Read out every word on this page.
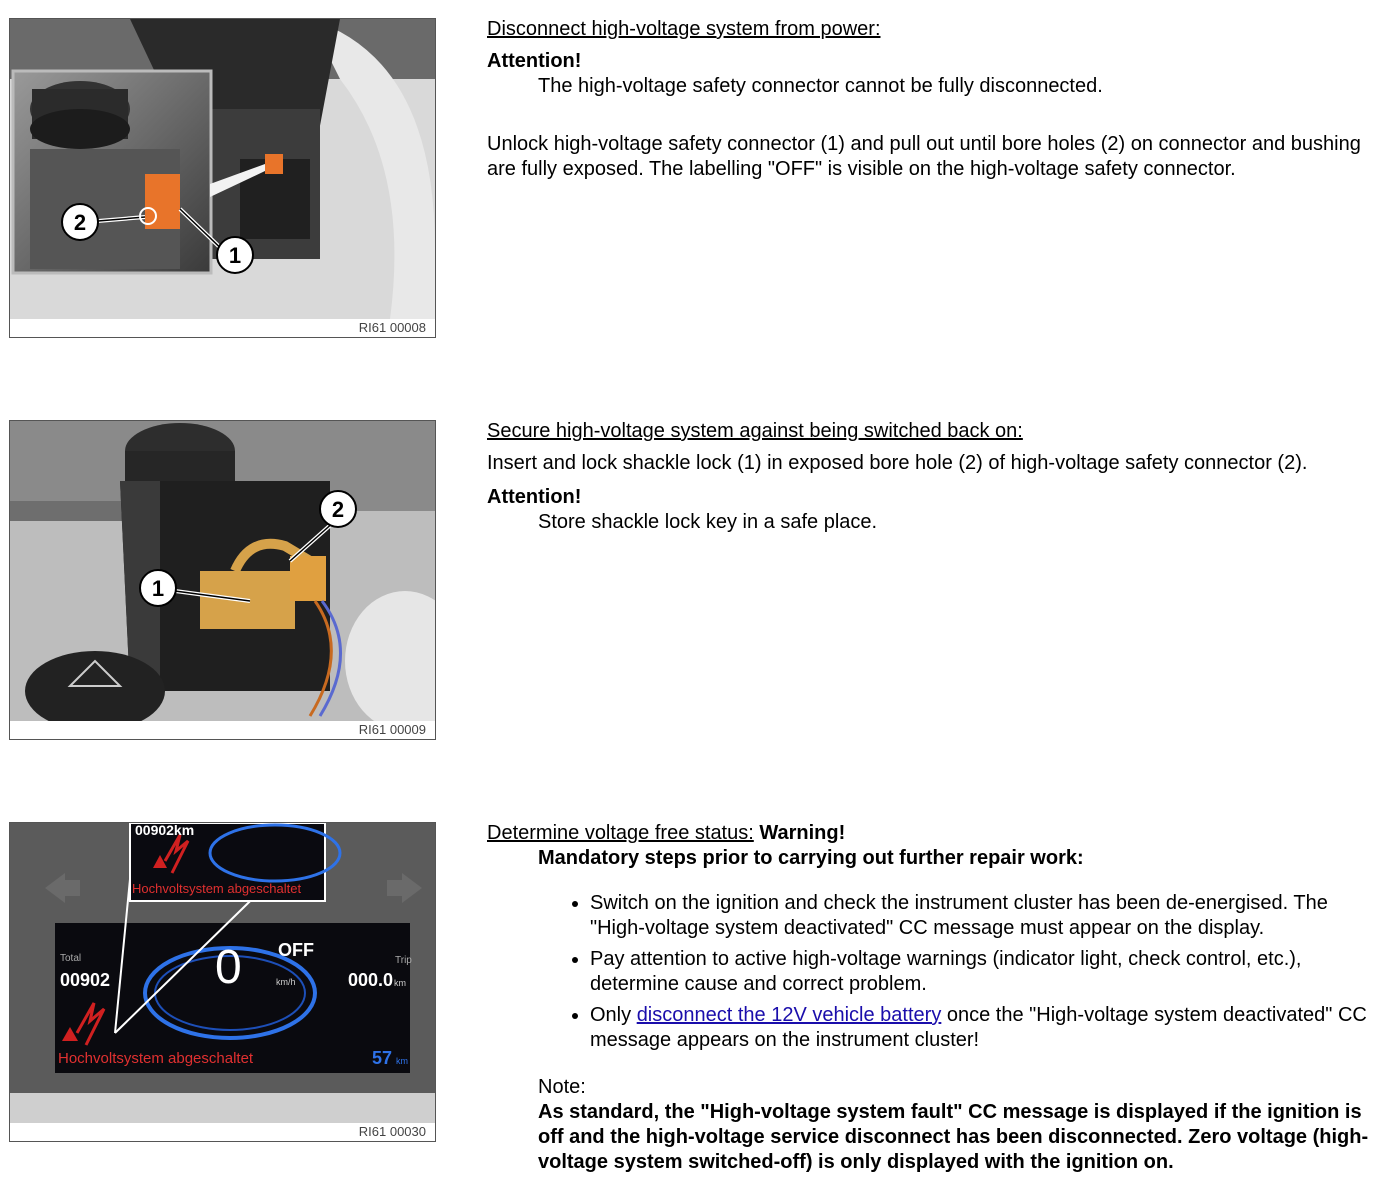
2
1
RI61 00008

Disconnect high-voltage system from power:

Attention!

The high-voltage safety connector cannot be fully disconnected.

Unlock high-voltage safety connector (1) and pull out until bore holes (2) on connector and bushing are fully exposed. The labelling "OFF" is visible on the high-voltage safety connector.

2
1
RI61 00009

Secure high-voltage system against being switched back on:

Insert and lock shackle lock (1) in exposed bore hole (2) of high-voltage safety connector (2).

Attention!

Store shackle lock key in a safe place.

00902km
Hochvoltsystem abgeschaltet
Total
00902 0 OFF
km/h
Trip
000.0 km
Hochvoltsystem abgeschaltet	57 km
RI61 00030

Determine voltage free status: Warning!

Mandatory steps prior to carrying out further repair work:

• Switch on the ignition and check the instrument cluster has been de-energised. The "High-voltage system deactivated" CC message must appear on the display.
• Pay attention to active high-voltage warnings (indicator light, check control, etc.), determine cause and correct problem.
• Only disconnect the 12V vehicle battery once the "High-voltage system deactivated" CC message appears on the instrument cluster!

Note:

As standard, the "High-voltage system fault" CC message is displayed if the ignition is off and the high-voltage service disconnect has been disconnected. Zero voltage (high-voltage system switched-off) is only displayed with the ignition on.
